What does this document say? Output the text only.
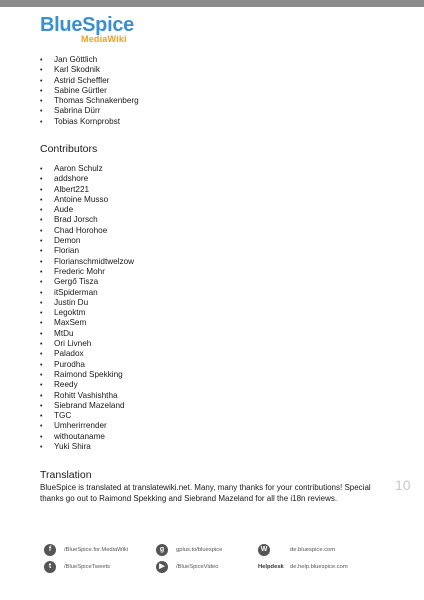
BlueSpice
MediaWiki
• Jan Göttlich
• Karl Skodnik
• Astrid Scheffler
• Sabine Gürtler
• Thomas Schnakenberg
• Sabrina Dürr
• Tobias Kornprobst
Contributors
• Aaron Schulz
• addshore
• Albert221
• Antoine Musso
• Aude
• Brad Jorsch
• Chad Horohoe
• Demon
• Florian
• Florianschmidtwelzow
• Frederic Mohr
• Gergő Tisza
• itSpiderman
• Justin Du
• Legoktm
• MaxSem
• MtDu
• Ori Livneh
• Paladox
• Purodha
• Raimond Spekking
• Reedy
• Rohitt Vashishtha
• Siebrand Mazeland
• TGC
• Umherirrender
• withoutaname
• Yuki Shira
Translation
BlueSpice is translated at translatewiki.net. Many, many thanks for your contributions! Special thanks go out to Raimond Spekking and Siebrand Mazeland for all the i18n reviews.
10
f	/BlueSpice.for.MediaWiki	g	gplus.to/bluespice	W	de.bluespice.com
t	/BlueSpiceTweets	▶	/BlueSpiceVideo	Helpdesk de.help.bluespice.com
